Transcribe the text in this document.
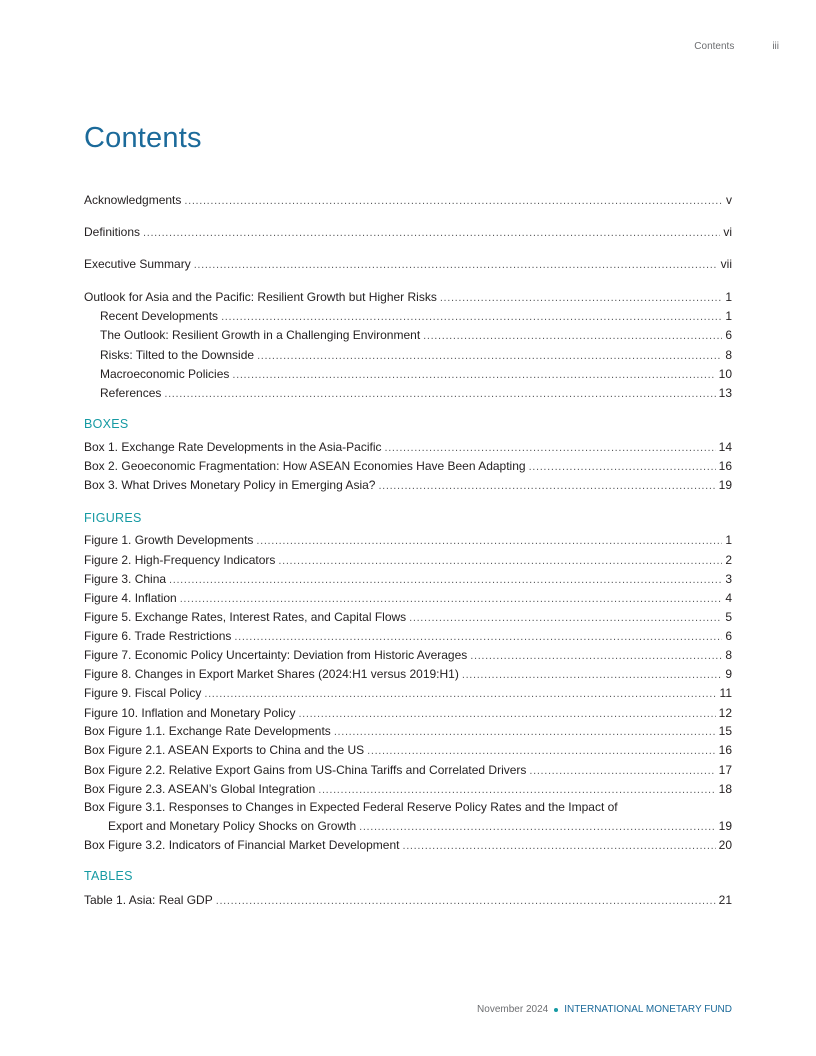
Contents	iii
Contents
Acknowledgments . . .	v
Definitions . . .	vi
Executive Summary . . .	vii
Outlook for Asia and the Pacific: Resilient Growth but Higher Risks . . .	1
Recent Developments . . .	1
The Outlook: Resilient Growth in a Challenging Environment . . .	6
Risks: Tilted to the Downside . . .	8
Macroeconomic Policies . . .	10
References . . .	13
BOXES
Box 1. Exchange Rate Developments in the Asia-Pacific . . .	14
Box 2. Geoeconomic Fragmentation: How ASEAN Economies Have Been Adapting . . .	16
Box 3. What Drives Monetary Policy in Emerging Asia? . . .	19
FIGURES
Figure 1. Growth Developments . . .	1
Figure 2. High-Frequency Indicators . . .	2
Figure 3. China . . .	3
Figure 4. Inflation . . .	4
Figure 5. Exchange Rates, Interest Rates, and Capital Flows . . .	5
Figure 6. Trade Restrictions . . .	6
Figure 7. Economic Policy Uncertainty: Deviation from Historic Averages . . .	8
Figure 8. Changes in Export Market Shares (2024:H1 versus 2019:H1) . . .	9
Figure 9. Fiscal Policy . . .	11
Figure 10. Inflation and Monetary Policy . . .	12
Box Figure 1.1. Exchange Rate Developments . . .	15
Box Figure 2.1. ASEAN Exports to China and the US . . .	16
Box Figure 2.2. Relative Export Gains from US-China Tariffs and Correlated Drivers . . .	17
Box Figure 2.3. ASEAN’s Global Integration . . .	18
Box Figure 3.1. Responses to Changes in Expected Federal Reserve Policy Rates and the Impact of
Export and Monetary Policy Shocks on Growth . . .	19
Box Figure 3.2. Indicators of Financial Market Development . . .	20
TABLES
Table 1. Asia: Real GDP . . .	21
November 2024 INTERNATIONAL MONETARY FUND
